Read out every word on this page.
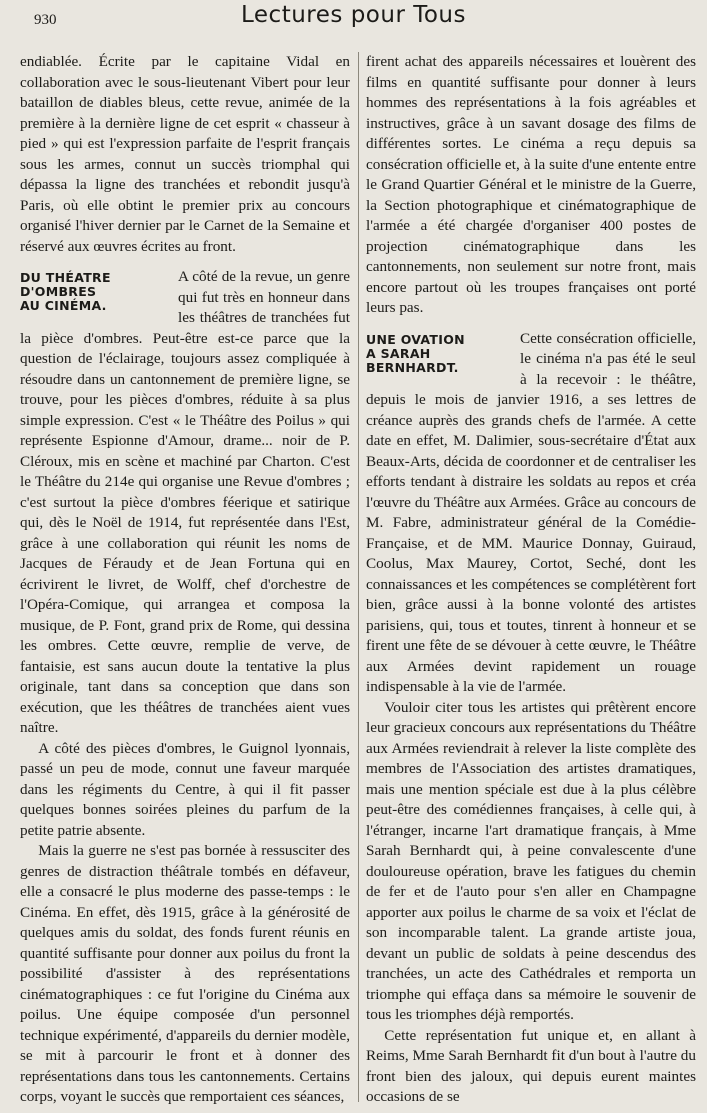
930	Lectures pour Tous

endiablée. Écrite par le capitaine Vidal en collaboration avec le sous-lieutenant Vibert pour leur bataillon de diables bleus, cette revue, animée de la première à la dernière ligne de cet esprit « chasseur à pied » qui est l'expression parfaite de l'esprit français sous les armes, connut un succès triomphal qui dépassa la ligne des tranchées et rebondit jusqu'à Paris, où elle obtint le premier prix au concours organisé l'hiver dernier par le Carnet de la Semaine et réservé aux œuvres écrites au front.

DU THÉATRE
D'OMBRES
AU CINÉMA.

A côté de la revue, un genre qui fut très en honneur dans les théâtres de tranchées fut la pièce d'ombres. Peut-être est-ce parce que la question de l'éclairage, toujours assez compliquée à résoudre dans un cantonnement de première ligne, se trouve, pour les pièces d'ombres, réduite à sa plus simple expression. C'est « le Théâtre des Poilus » qui représente Espionne d'Amour, drame... noir de P. Cléroux, mis en scène et machiné par Charton. C'est le Théâtre du 214e qui organise une Revue d'ombres ; c'est surtout la pièce d'ombres féerique et satirique qui, dès le Noël de 1914, fut représentée dans l'Est, grâce à une collaboration qui réunit les noms de Jacques de Féraudy et de Jean Fortuna qui en écrivirent le livret, de Wolff, chef d'orchestre de l'Opéra-Comique, qui arrangea et composa la musique, de P. Font, grand prix de Rome, qui dessina les ombres. Cette œuvre, remplie de verve, de fantaisie, est sans aucun doute la tentative la plus originale, tant dans sa conception que dans son exécution, que les théâtres de tranchées aient vues naître.

A côté des pièces d'ombres, le Guignol lyonnais, passé un peu de mode, connut une faveur marquée dans les régiments du Centre, à qui il fit passer quelques bonnes soirées pleines du parfum de la petite patrie absente.

Mais la guerre ne s'est pas bornée à ressusciter des genres de distraction théâtrale tombés en défaveur, elle a consacré le plus moderne des passe-temps : le Cinéma. En effet, dès 1915, grâce à la générosité de quelques amis du soldat, des fonds furent réunis en quantité suffisante pour donner aux poilus du front la possibilité d'assister à des représentations cinématographiques : ce fut l'origine du Cinéma aux poilus. Une équipe composée d'un personnel technique expérimenté, d'appareils du dernier modèle, se mit à parcourir le front et à donner des représentations dans tous les cantonnements. Certains corps, voyant le succès que remportaient ces séances,

firent achat des appareils nécessaires et louèrent des films en quantité suffisante pour donner à leurs hommes des représentations à la fois agréables et instructives, grâce à un savant dosage des films de différentes sortes. Le cinéma a reçu depuis sa consécration officielle et, à la suite d'une entente entre le Grand Quartier Général et le ministre de la Guerre, la Section photographique et cinématographique de l'armée a été chargée d'organiser 400 postes de projection cinématographique dans les cantonnements, non seulement sur notre front, mais encore partout où les troupes françaises ont porté leurs pas.

UNE OVATION
A SARAH
BERNHARDT.

Cette consécration officielle, le cinéma n'a pas été le seul à la recevoir : le théâtre, depuis le mois de janvier 1916, a ses lettres de créance auprès des grands chefs de l'armée. A cette date en effet, M. Dalimier, sous-secrétaire d'État aux Beaux-Arts, décida de coordonner et de centraliser les efforts tendant à distraire les soldats au repos et créa l'œuvre du Théâtre aux Armées. Grâce au concours de M. Fabre, administrateur général de la Comédie-Française, et de MM. Maurice Donnay, Guiraud, Coolus, Max Maurey, Cortot, Seché, dont les connaissances et les compétences se complétèrent fort bien, grâce aussi à la bonne volonté des artistes parisiens, qui, tous et toutes, tinrent à honneur et se firent une fête de se dévouer à cette œuvre, le Théâtre aux Armées devint rapidement un rouage indispensable à la vie de l'armée.

Vouloir citer tous les artistes qui prêtèrent encore leur gracieux concours aux représentations du Théâtre aux Armées reviendrait à relever la liste complète des membres de l'Association des artistes dramatiques, mais une mention spéciale est due à la plus célèbre peut-être des comédiennes françaises, à celle qui, à l'étranger, incarne l'art dramatique français, à Mme Sarah Bernhardt qui, à peine convalescente d'une douloureuse opération, brave les fatigues du chemin de fer et de l'auto pour s'en aller en Champagne apporter aux poilus le charme de sa voix et l'éclat de son incomparable talent. La grande artiste joua, devant un public de soldats à peine descendus des tranchées, un acte des Cathédrales et remporta un triomphe qui effaça dans sa mémoire le souvenir de tous les triomphes déjà remportés.

Cette représentation fut unique et, en allant à Reims, Mme Sarah Bernhardt fit d'un bout à l'autre du front bien des jaloux, qui depuis eurent maintes occasions de se
